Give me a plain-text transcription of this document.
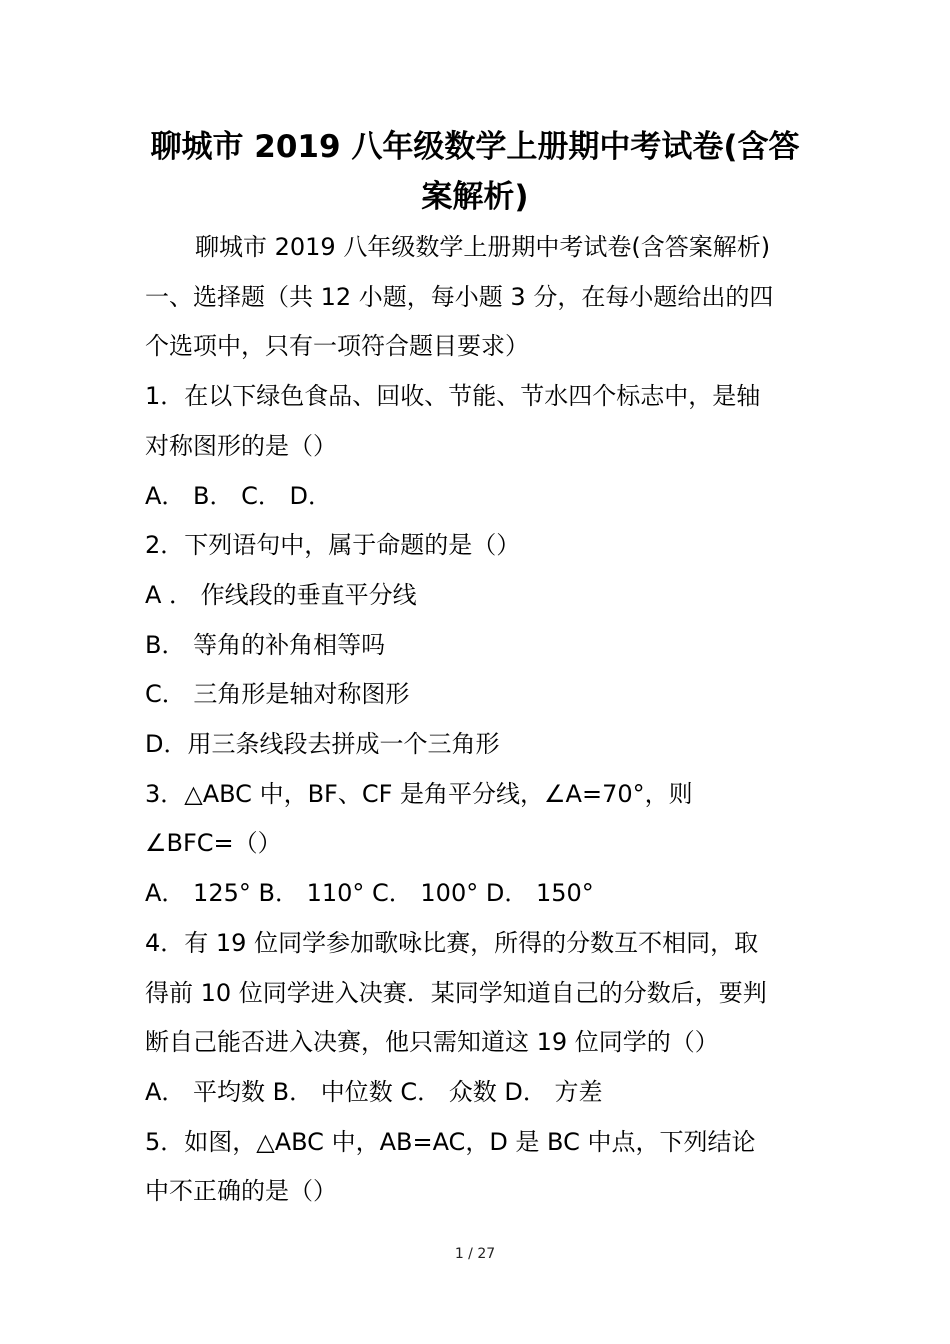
聊城市 2019 八年级数学上册期中考试卷(含答
案解析)
聊城市 2019 八年级数学上册期中考试卷(含答案解析)
一、选择题（共 12 小题，每小题 3 分，在每小题给出的四
个选项中，只有一项符合题目要求）
1．在以下绿色食品、回收、节能、节水四个标志中，是轴
对称图形的是（）
A． B． C． D．
2．下列语句中，属于命题的是（）
A ． 作线段的垂直平分线
B． 等角的补角相等吗
C． 三角形是轴对称图形
D．用三条线段去拼成一个三角形
3．△ABC 中，BF、CF 是角平分线，∠A=70°，则
∠BFC=（）
A． 125° B． 110° C． 100° D． 150°
4．有 19 位同学参加歌咏比赛，所得的分数互不相同，取
得前 10 位同学进入决赛．某同学知道自己的分数后，要判
断自己能否进入决赛，他只需知道这 19 位同学的（）
A． 平均数 B． 中位数 C． 众数 D． 方差
5．如图，△ABC 中，AB=AC，D 是 BC 中点，下列结论
中不正确的是（）
1 / 27
